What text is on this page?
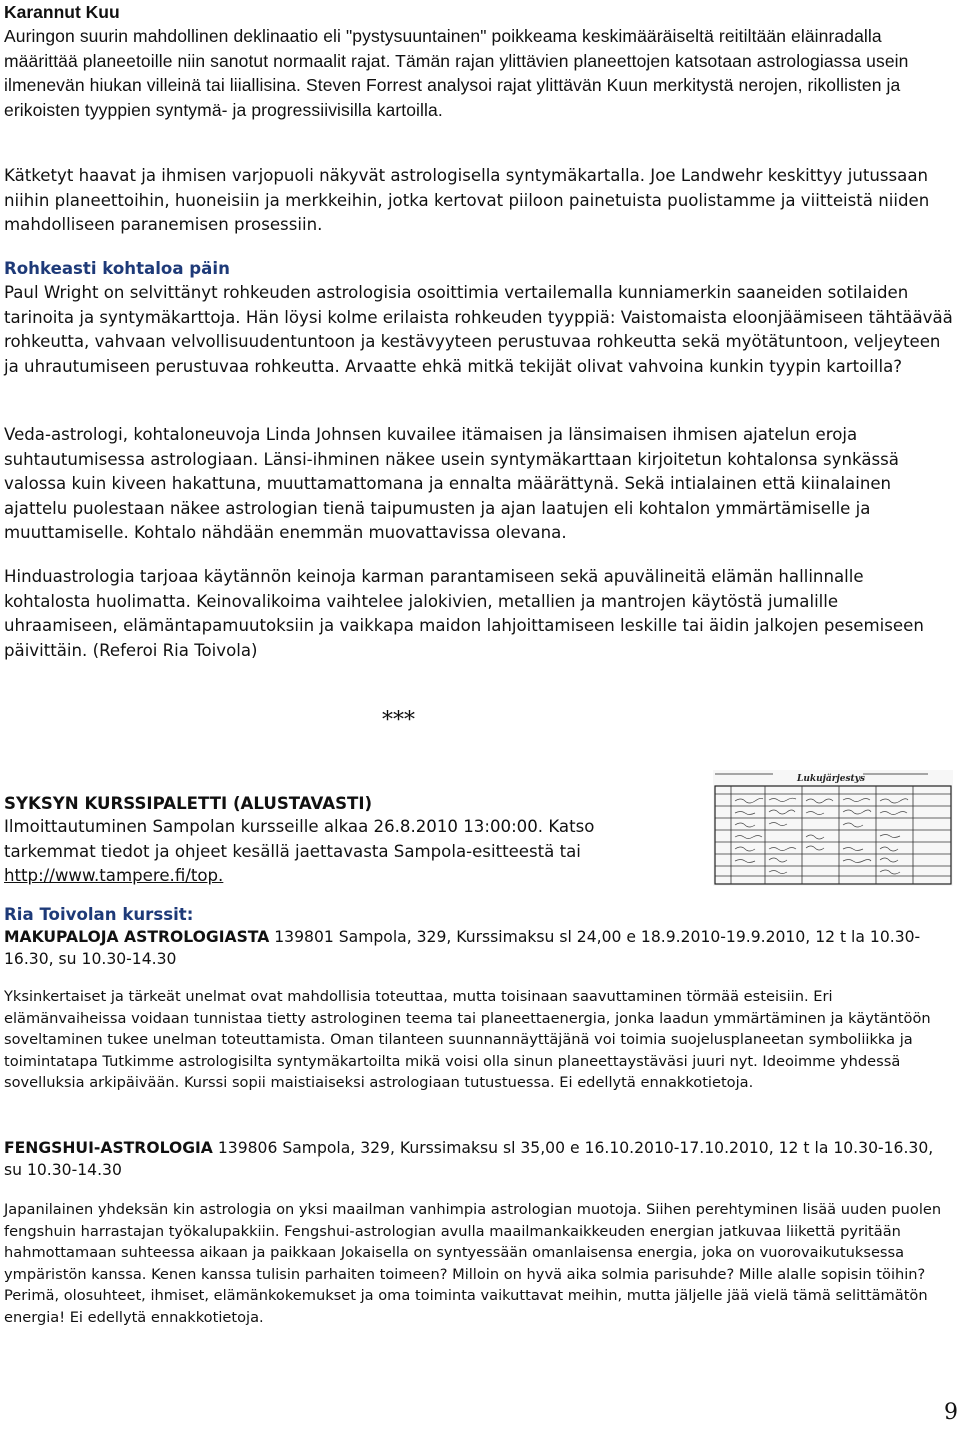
Karannut Kuu

Auringon suurin mahdollinen deklinaatio eli "pystysuuntainen" poikkeama keskimääräiseltä reitiltään eläinradalla määrittää planeetoille niin sanotut normaalit rajat. Tämän rajan ylittävien planeettojen katsotaan astrologiassa usein ilmenevän hiukan villeinä tai liiallisina. Steven Forrest analysoi rajat ylittävän Kuun merkitystä nerojen, rikollisten ja erikoisten tyyppien syntymä- ja progressiivisilla kartoilla.

Kätketyt haavat ja ihmisen varjopuoli näkyvät astrologisella syntymäkartalla. Joe Landwehr keskittyy jutussaan niihin planeettoihin, huoneisiin ja merkkeihin, jotka kertovat piiloon painetuista puolistamme ja viitteistä niiden mahdolliseen paranemisen prosessiin.

Rohkeasti kohtaloa päin

Paul Wright on selvittänyt rohkeuden astrologisia osoittimia vertailemalla kunniamerkin saaneiden sotilaiden tarinoita ja syntymäkarttoja. Hän löysi kolme erilaista rohkeuden tyyppiä: Vaistomaista eloonjäämiseen tähtäävää rohkeutta, vahvaan velvollisuudentuntoon ja kestävyyteen perustuvaa rohkeutta sekä myötätuntoon, veljeyteen ja uhrautumiseen perustuvaa rohkeutta. Arvaatte ehkä mitkä tekijät olivat vahvoina kunkin tyypin kartoilla?

Veda-astrologi, kohtaloneuvoja Linda Johnsen kuvailee itämaisen ja länsimaisen ihmisen ajatelun eroja suhtautumisessa astrologiaan. Länsi-ihminen näkee usein syntymäkarttaan kirjoitetun kohtalonsa synkässä valossa kuin kiveen hakattuna, muuttamattomana ja ennalta määrättynä. Sekä intialainen että kiinalainen ajattelu puolestaan näkee astrologian tienä taipumusten ja ajan laatujen eli kohtalon ymmärtämiselle ja muuttamiselle. Kohtalo nähdään enemmän muovattavissa olevana.

Hinduastrologia tarjoaa käytännön keinoja karman parantamiseen sekä apuvälineitä elämän hallinnalle kohtalosta huolimatta. Keinovalikoima vaihtelee jalokivien, metallien ja mantrojen käytöstä jumalille uhraamiseen, elämäntapamuutoksiin ja vaikkapa maidon lahjoittamiseen leskille tai äidin jalkojen pesemiseen päivittäin. (Referoi Ria Toivola)

***
SYKSYN KURSSIPALETTI (ALUSTAVASTI)

Ilmoittautuminen Sampolan kursseille alkaa 26.8.2010 13:00:00. Katso tarkemmat tiedot ja ohjeet kesällä jaettavasta Sampola-esitteestä tai http://www.tampere.fi/top.

Lukujärjestys
Ria Toivolan kurssit:

MAKUPALOJA ASTROLOGIASTA 139801 Sampola, 329, Kurssimaksu sl 24,00 e 18.9.2010-19.9.2010, 12 t la 10.30-16.30, su 10.30-14.30

Yksinkertaiset ja tärkeät unelmat ovat mahdollisia toteuttaa, mutta toisinaan saavuttaminen törmää esteisiin. Eri elämänvaiheissa voidaan tunnistaa tietty astrologinen teema tai planeettaenergia, jonka laadun ymmärtäminen ja käytäntöön soveltaminen tukee unelman toteuttamista. Oman tilanteen suunnannäyttäjänä voi toimia suojelusplaneetan symboliikka ja toimintatapa Tutkimme astrologisilta syntymäkartoilta mikä voisi olla sinun planeettaystäväsi juuri nyt. Ideoimme yhdessä sovelluksia arkipäivään. Kurssi sopii maistiaiseksi astrologiaan tutustuessa. Ei edellytä ennakkotietoja.

FENGSHUI-ASTROLOGIA 139806 Sampola, 329, Kurssimaksu sl 35,00 e 16.10.2010-17.10.2010, 12 t la 10.30-16.30, su 10.30-14.30

Japanilainen yhdeksän kin astrologia on yksi maailman vanhimpia astrologian muotoja. Siihen perehtyminen lisää uuden puolen fengshuin harrastajan työkalupakkiin. Fengshui-astrologian avulla maailmankaikkeuden energian jatkuvaa liikettä pyritään hahmottamaan suhteessa aikaan ja paikkaan Jokaisella on syntyessään omanlaisensa energia, joka on vuorovaikutuksessa ympäristön kanssa. Kenen kanssa tulisin parhaiten toimeen? Milloin on hyvä aika solmia parisuhde? Mille alalle sopisin töihin? Perimä, olosuhteet, ihmiset, elämänkokemukset ja oma toiminta vaikuttavat meihin, mutta jäljelle jää vielä tämä selittämätön energia! Ei edellytä ennakkotietoja.

9
